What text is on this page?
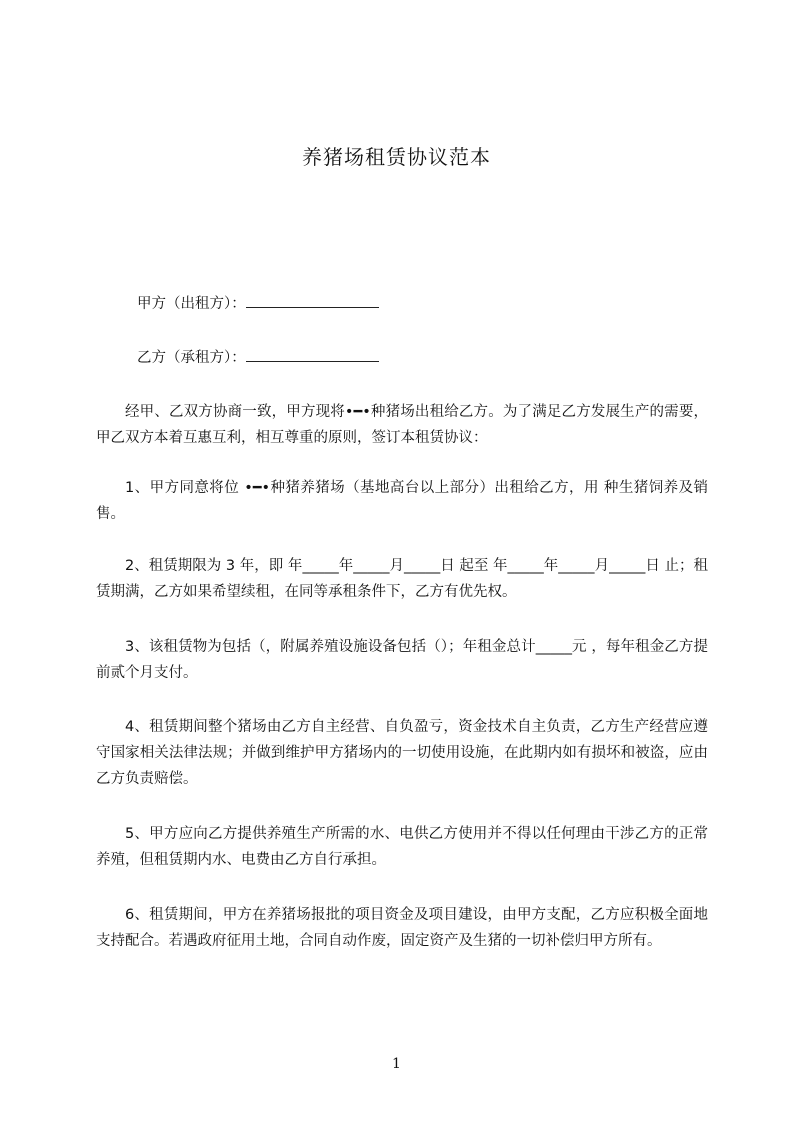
养猪场租赁协议范本
甲方（出租方）：
乙方（承租方）：

经甲、乙双方协商一致，甲方现将•━•种猪场出租给乙方。为了满足乙方发展生产的需要，甲乙双方本着互惠互利，相互尊重的原则，签订本租赁协议：

1、甲方同意将位 •━•种猪养猪场（基地高台以上部分）出租给乙方，用 种生猪饲养及销售。

2、租赁期限为 3 年，即 年_____年_____月_____日 起至 年_____年_____月_____日 止；租赁期满，乙方如果希望续租，在同等承租条件下，乙方有优先权。

3、该租赁物为包括（，附属养殖设施设备包括（）；年租金总计_____元 ，每年租金乙方提前贰个月支付。

4、租赁期间整个猪场由乙方自主经营、自负盈亏，资金技术自主负责，乙方生产经营应遵守国家相关法律法规；并做到维护甲方猪场内的一切使用设施，在此期内如有损坏和被盗，应由乙方负责赔偿。

5、甲方应向乙方提供养殖生产所需的水、电供乙方使用并不得以任何理由干涉乙方的正常养殖，但租赁期内水、电费由乙方自行承担。

6、租赁期间，甲方在养猪场报批的项目资金及项目建设，由甲方支配，乙方应积极全面地支持配合。若遇政府征用土地，合同自动作废，固定资产及生猪的一切补偿归甲方所有。

1
